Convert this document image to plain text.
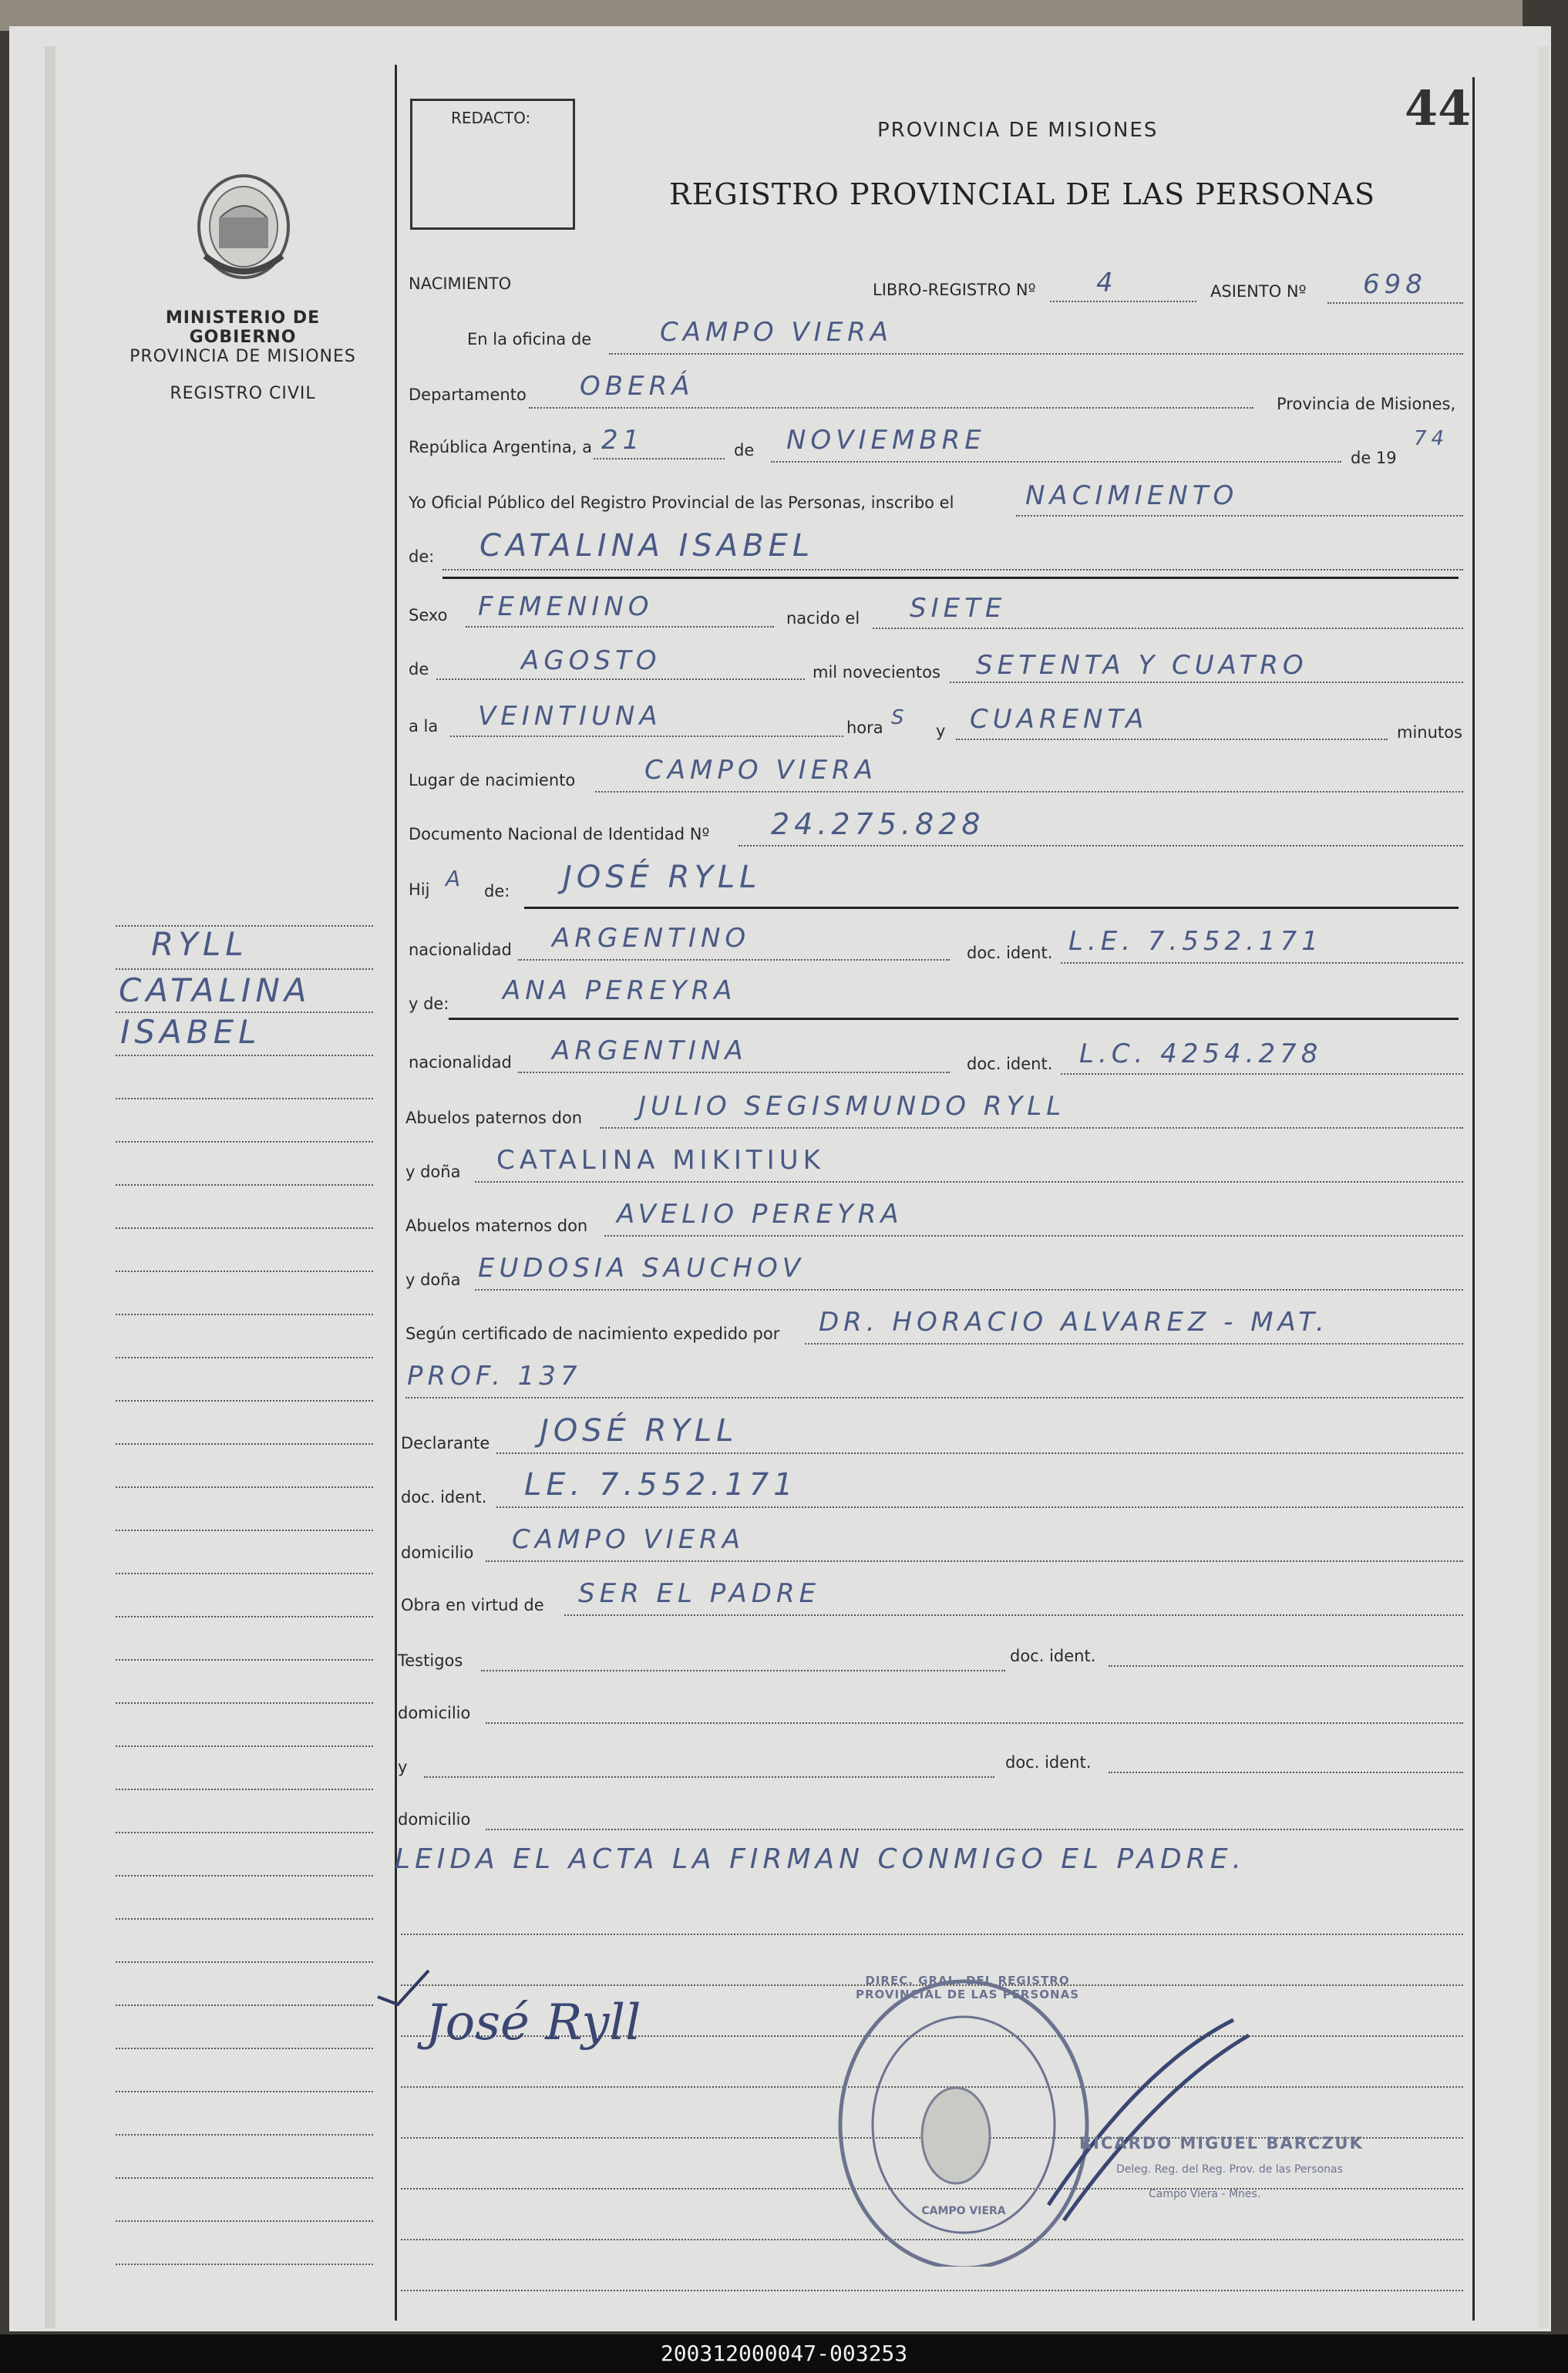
MINISTERIO DE GOBIERNO
PROVINCIA DE MISIONES
REGISTRO CIVIL
RYLL
CATALINA
ISABEL
REDACTO:
PROVINCIA DE MISIONES
REGISTRO PROVINCIAL DE LAS PERSONAS
44
NACIMIENTO	LIBRO-REGISTRO Nº 4	ASIENTO Nº 698
En la oficina de	CAMPO VIERA
Departamento OBERÁ
Provincia de Misiones,
República Argentina, a 21	de NOVIEMBRE
de 19
74
Yo Oficial Público del Registro Provincial de las Personas, inscribo el	NACIMIENTO
de: CATALINA ISABEL
Sexo FEMENINO	nacido el SIETE
de	AGOSTO	mil novecientos SETENTA Y CUATRO
a la VEINTIUNA	hora S
y CUARENTA	minutos
Lugar de nacimiento	CAMPO VIERA
Documento Nacional de Identidad Nº 24.275.828
Hij A de: JOSÉ RYLL
nacionalidad ARGENTINO	doc. ident. L.E. 7.552.171
y de: ANA PEREYRA
nacionalidad ARGENTINA	doc. ident. L.C. 4254.278
Abuelos paternos don JULIO SEGISMUNDO RYLL
y doña CATALINA MIKITIUK
Abuelos maternos don AVELIO PEREYRA
y doña EUDOSIA SAUCHOV
Según certificado de nacimiento expedido por DR. HORACIO ALVAREZ - MAT.
PROF. 137
Declarante JOSÉ RYLL
doc. ident. LE. 7.552.171
domicilio CAMPO VIERA
Obra en virtud de SER EL PADRE
Testigos	doc. ident.
domicilio
y	doc. ident.
domicilio
LEIDA EL ACTA LA FIRMAN CONMIGO EL PADRE.
José Ryll
DIREC. GRAL. DEL REGISTRO PROVINCIAL DE LAS PERSONAS
CAMPO VIERA
RICARDO MIGUEL BARCZUK
Deleg. Reg. del Reg. Prov. de las Personas
Campo Viera - Mnes.
200312000047-003253
